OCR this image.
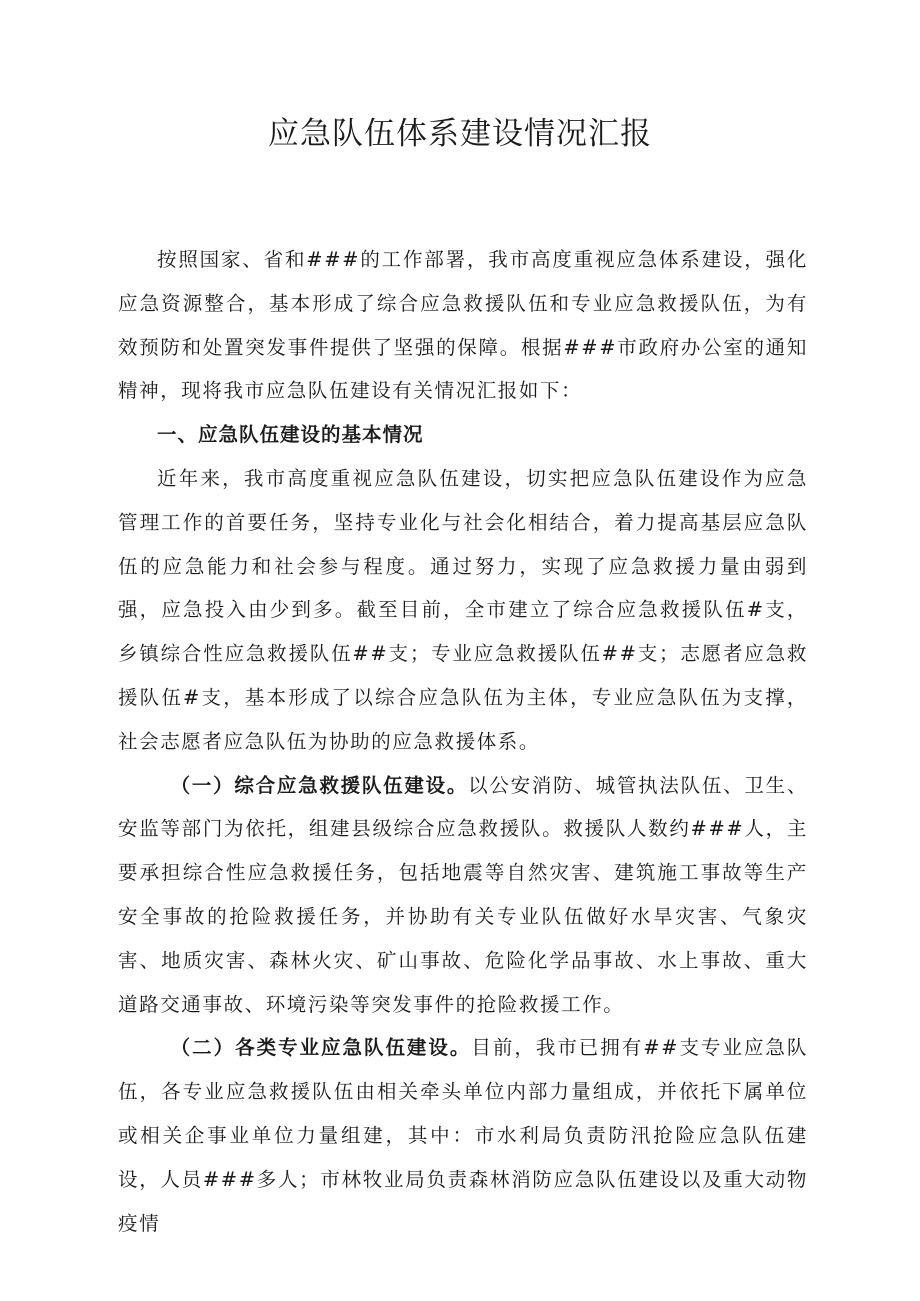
应急队伍体系建设情况汇报

按照国家、省和###的工作部署，我市高度重视应急体系建设，强化应急资源整合，基本形成了综合应急救援队伍和专业应急救援队伍，为有效预防和处置突发事件提供了坚强的保障。根据###市政府办公室的通知精神，现将我市应急队伍建设有关情况汇报如下：

一、应急队伍建设的基本情况

近年来，我市高度重视应急队伍建设，切实把应急队伍建设作为应急管理工作的首要任务，坚持专业化与社会化相结合，着力提高基层应急队伍的应急能力和社会参与程度。通过努力，实现了应急救援力量由弱到强，应急投入由少到多。截至目前，全市建立了综合应急救援队伍#支，乡镇综合性应急救援队伍##支；专业应急救援队伍##支；志愿者应急救援队伍#支，基本形成了以综合应急队伍为主体，专业应急队伍为支撑，社会志愿者应急队伍为协助的应急救援体系。

（一）综合应急救援队伍建设。以公安消防、城管执法队伍、卫生、安监等部门为依托，组建县级综合应急救援队。救援队人数约###人，主要承担综合性应急救援任务，包括地震等自然灾害、建筑施工事故等生产安全事故的抢险救援任务，并协助有关专业队伍做好水旱灾害、气象灾害、地质灾害、森林火灾、矿山事故、危险化学品事故、水上事故、重大道路交通事故、环境污染等突发事件的抢险救援工作。

（二）各类专业应急队伍建设。目前，我市已拥有##支专业应急队伍，各专业应急救援队伍由相关牵头单位内部力量组成，并依托下属单位或相关企事业单位力量组建，其中：市水利局负责防汛抢险应急队伍建设，人员###多人；市林牧业局负责森林消防应急队伍建设以及重大动物疫情
